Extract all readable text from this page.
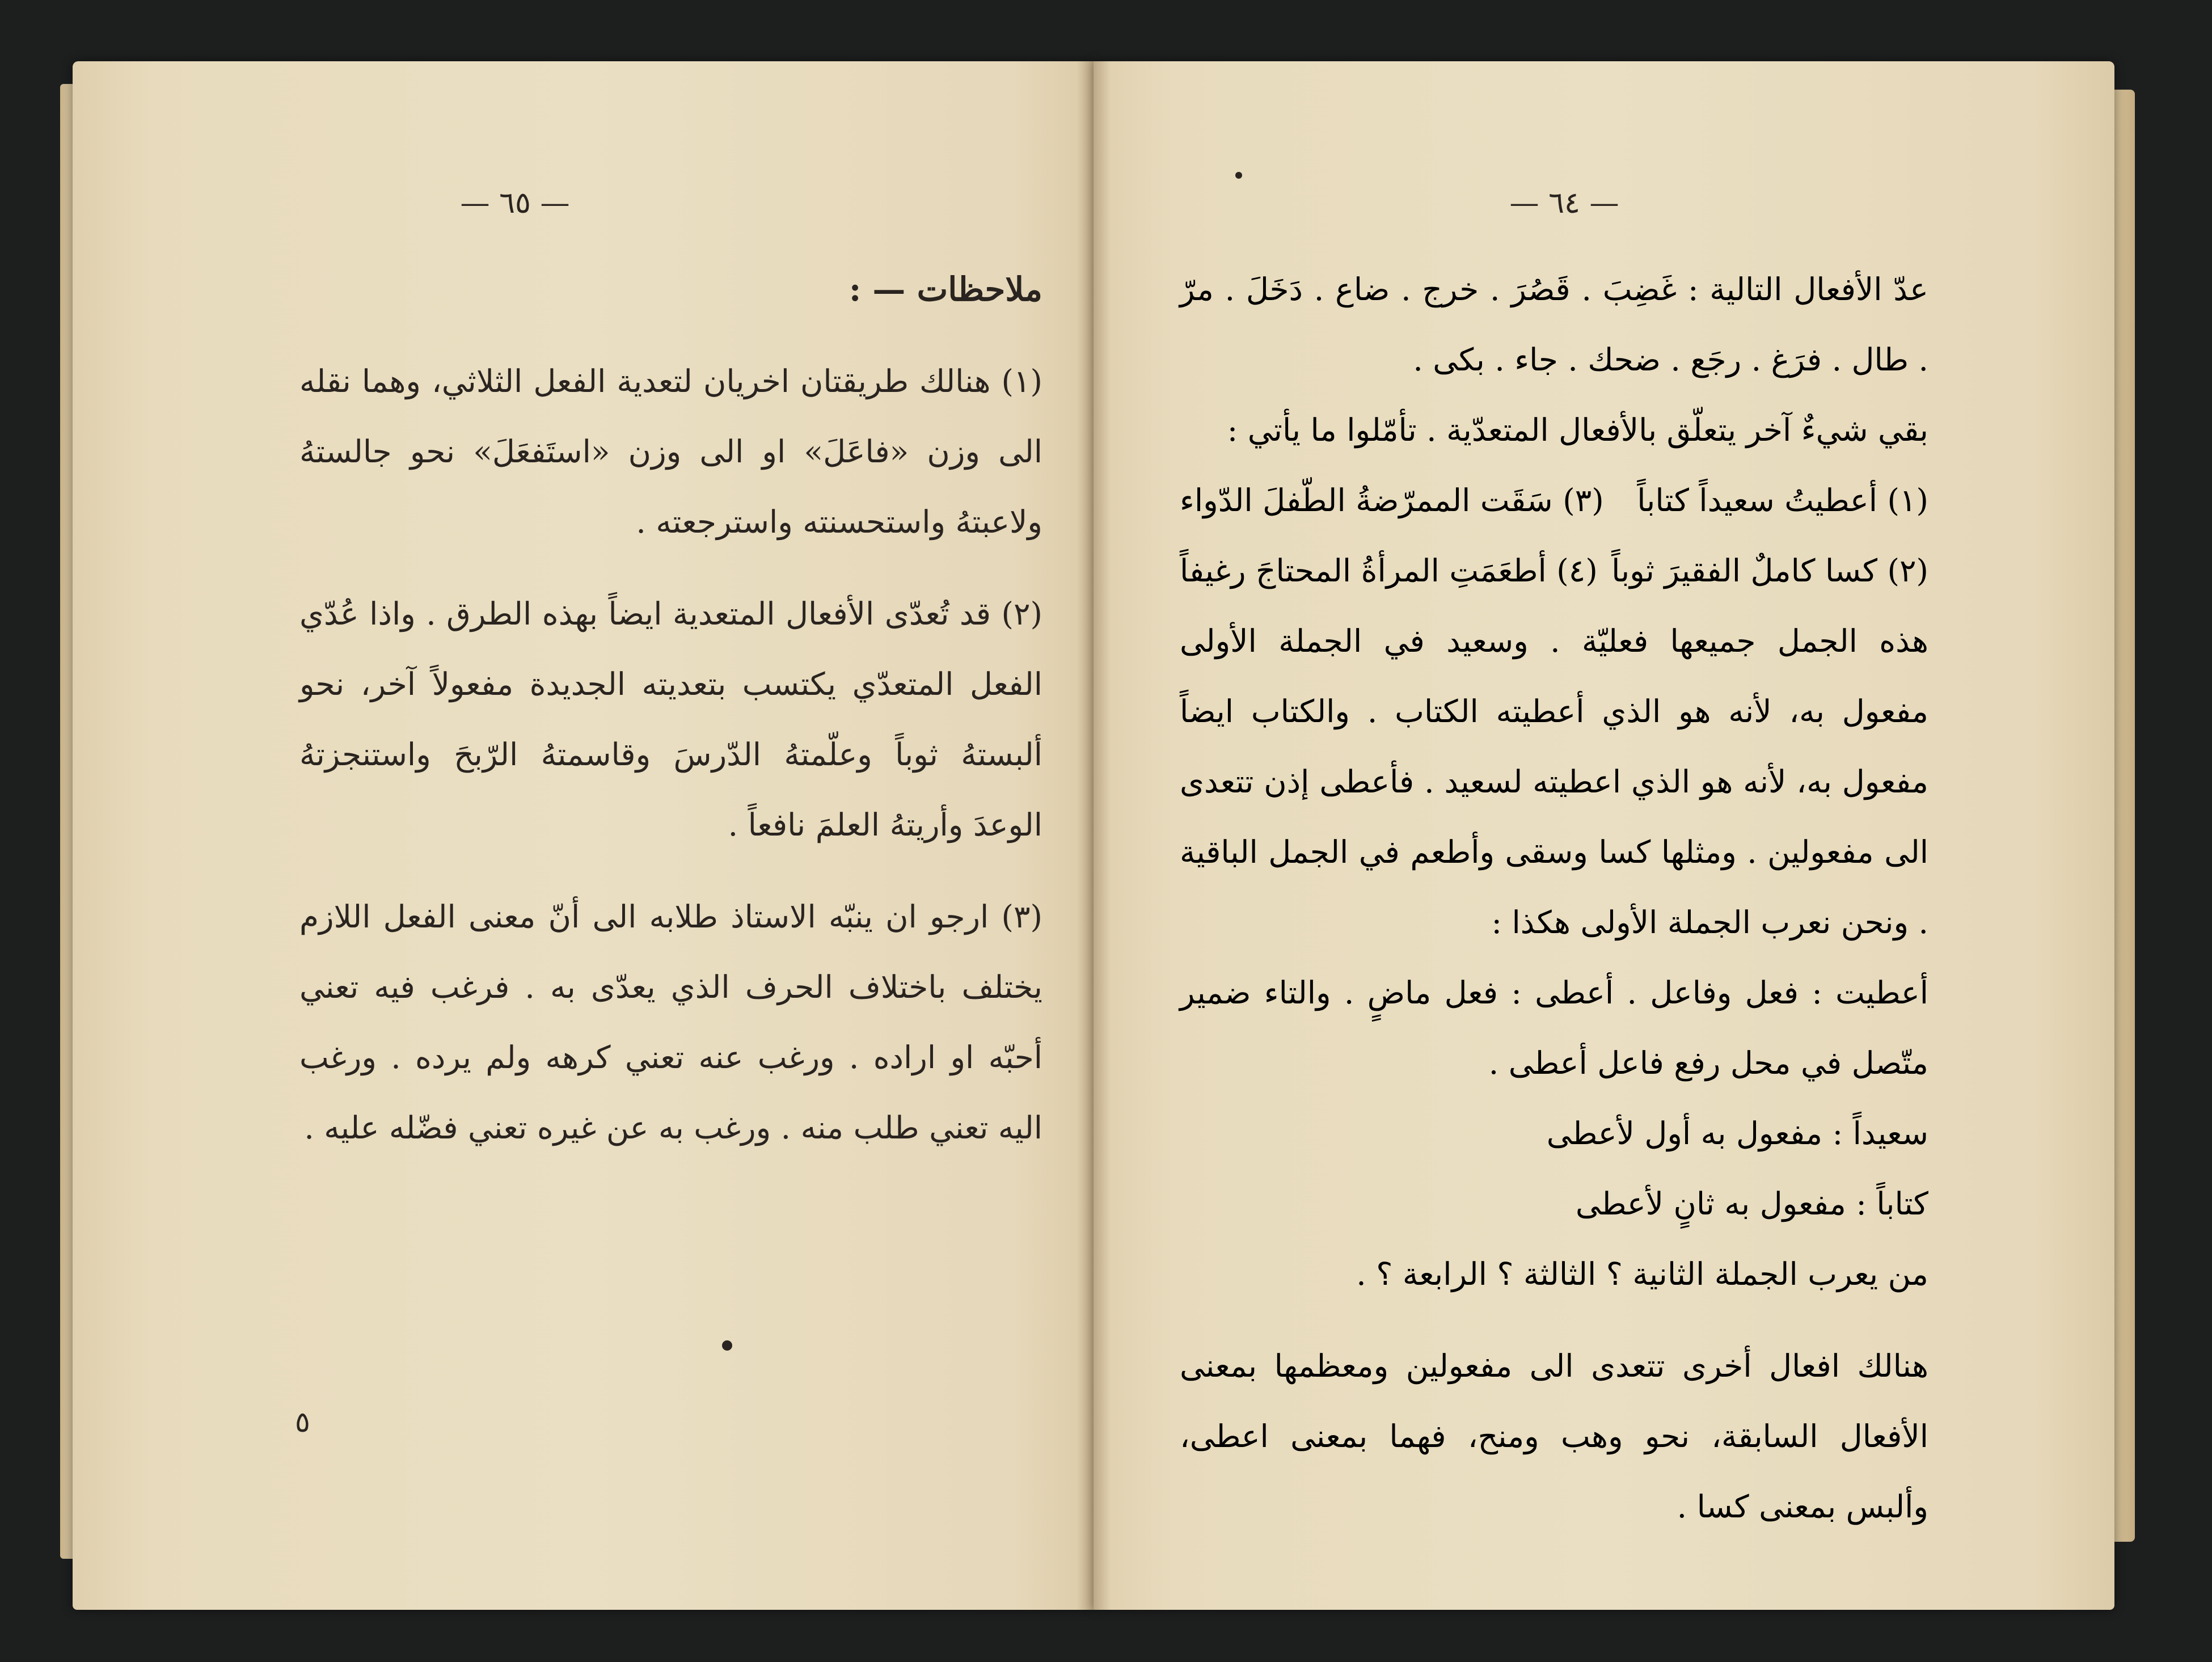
— ٦٥ —

ملاحظات — :

(١) هنالك طريقتان اخريان لتعدية الفعل الثلاثي، وهما نقله الى وزن «فاعَلَ» او الى وزن «استَفعَلَ» نحو جالستهُ ولاعبتهُ واستحسنته واسترجعته .

(٢) قد تُعدّى الأفعال المتعدية ايضاً بهذه الطرق . واذا عُدّي الفعل المتعدّي يكتسب بتعديته الجديدة مفعولاً آخر، نحو ألبستهُ ثوباً وعلّمتهُ الدّرسَ وقاسمتهُ الرّبحَ واستنجزتهُ الوعدَ وأريتهُ العلمَ نافعاً .

(٣) ارجو ان ينبّه الاستاذ طلابه الى أنّ معنى الفعل اللازم يختلف باختلاف الحرف الذي يعدّى به . فرغب فيه تعني أحبّه او اراده . ورغب عنه تعني كرهه ولم يرده . ورغب اليه تعني طلب منه . ورغب به عن غيره تعني فضّله عليه .

٥
— ٦٤ —

عدّ الأفعال التالية : غَضِبَ . قَصُرَ . خرج . ضاع . دَخَلَ . مرّ . طال . فرَغ . رجَع . ضحك . جاء . بكى .

بقي شيءٌ آخر يتعلّق بالأفعال المتعدّية . تأمّلوا ما يأتي :

(١) أعطيتُ سعيداً كتاباً
(٣) سَقَت الممرّضةُ الطّفلَ الدّواء
(٢) كسا كاملٌ الفقيرَ ثوباً
(٤) أطعَمَتِ المرأةُ المحتاجَ رغيفاً

هذه الجمل جميعها فعليّة . وسعيد في الجملة الأولى مفعول به، لأنه هو الذي أعطيته الكتاب . والكتاب ايضاً مفعول به، لأنه هو الذي اعطيته لسعيد . فأعطى إذن تتعدى الى مفعولين . ومثلها كسا وسقى وأطعم في الجمل الباقية . ونحن نعرب الجملة الأولى هكذا :

أعطيت : فعل وفاعل . أعطى : فعل ماضٍ . والتاء ضمير متّصل في محل رفع فاعل أعطى .

سعيداً : مفعول به أول لأعطى

كتاباً : مفعول به ثانٍ لأعطى

من يعرب الجملة الثانية ؟ الثالثة ؟ الرابعة ؟ .

هنالك افعال أخرى تتعدى الى مفعولين ومعظمها بمعنى الأفعال السابقة، نحو وهب ومنح، فهما بمعنى اعطى، وألبس بمعنى كسا .
